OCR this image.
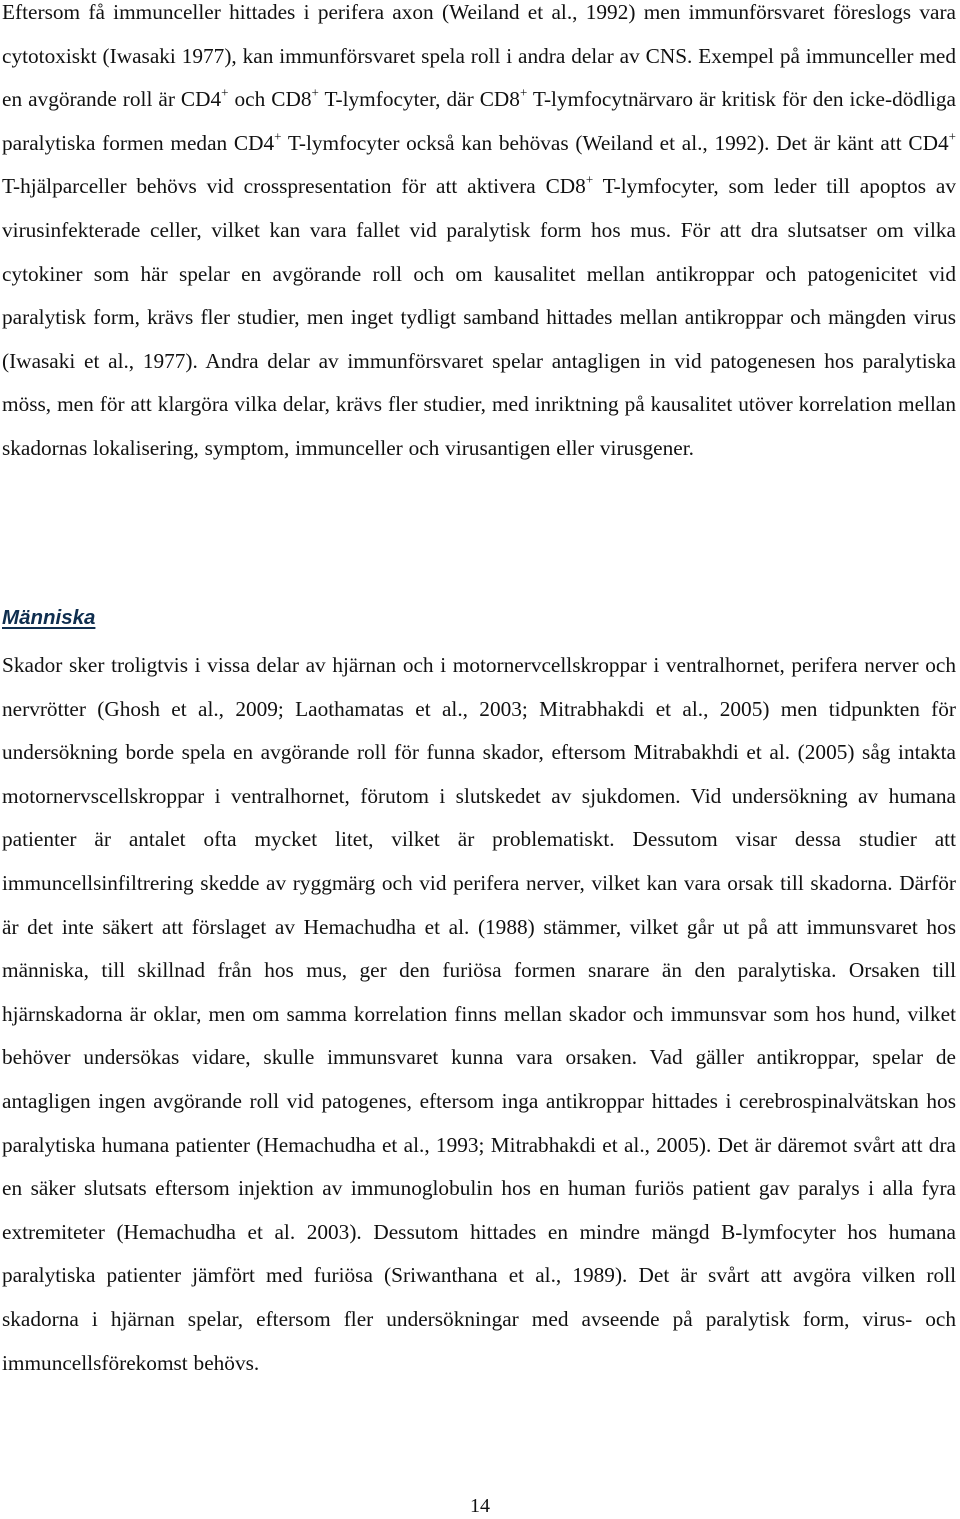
Eftersom få immunceller hittades i perifera axon (Weiland et al., 1992) men immunförsvaret föreslogs vara cytotoxiskt (Iwasaki 1977), kan immunförsvaret spela roll i andra delar av CNS. Exempel på immunceller med en avgörande roll är CD4+ och CD8+ T-lymfocyter, där CD8+ T-lymfocytnärvaro är kritisk för den icke-dödliga paralytiska formen medan CD4+ T-lymfocyter också kan behövas (Weiland et al., 1992). Det är känt att CD4+ T-hjälparceller behövs vid crosspresentation för att aktivera CD8+ T-lymfocyter, som leder till apoptos av virusinfekterade celler, vilket kan vara fallet vid paralytisk form hos mus. För att dra slutsatser om vilka cytokiner som här spelar en avgörande roll och om kausalitet mellan antikroppar och patogenicitet vid paralytisk form, krävs fler studier, men inget tydligt samband hittades mellan antikroppar och mängden virus (Iwasaki et al., 1977). Andra delar av immunförsvaret spelar antagligen in vid patogenesen hos paralytiska möss, men för att klargöra vilka delar, krävs fler studier, med inriktning på kausalitet utöver korrelation mellan skadornas lokalisering, symptom, immunceller och virusantigen eller virusgener.

Människa

Skador sker troligtvis i vissa delar av hjärnan och i motornervcellskroppar i ventralhornet, perifera nerver och nervrötter (Ghosh et al., 2009; Laothamatas et al., 2003; Mitrabhakdi et al., 2005) men tidpunkten för undersökning borde spela en avgörande roll för funna skador, eftersom Mitrabakhdi et al. (2005) såg intakta motornervscellskroppar i ventralhornet, förutom i slutskedet av sjukdomen. Vid undersökning av humana patienter är antalet ofta mycket litet, vilket är problematiskt. Dessutom visar dessa studier att immuncellsinfiltrering skedde av ryggmärg och vid perifera nerver, vilket kan vara orsak till skadorna. Därför är det inte säkert att förslaget av Hemachudha et al. (1988) stämmer, vilket går ut på att immunsvaret hos människa, till skillnad från hos mus, ger den furiösa formen snarare än den paralytiska. Orsaken till hjärnskadorna är oklar, men om samma korrelation finns mellan skador och immunsvar som hos hund, vilket behöver undersökas vidare, skulle immunsvaret kunna vara orsaken. Vad gäller antikroppar, spelar de antagligen ingen avgörande roll vid patogenes, eftersom inga antikroppar hittades i cerebrospinalvätskan hos paralytiska humana patienter (Hemachudha et al., 1993; Mitrabhakdi et al., 2005). Det är däremot svårt att dra en säker slutsats eftersom injektion av immunoglobulin hos en human furiös patient gav paralys i alla fyra extremiteter (Hemachudha et al. 2003). Dessutom hittades en mindre mängd B-lymfocyter hos humana paralytiska patienter jämfört med furiösa (Sriwanthana et al., 1989). Det är svårt att avgöra vilken roll skadorna i hjärnan spelar, eftersom fler undersökningar med avseende på paralytisk form, virus- och immuncellsförekomst behövs.

14
